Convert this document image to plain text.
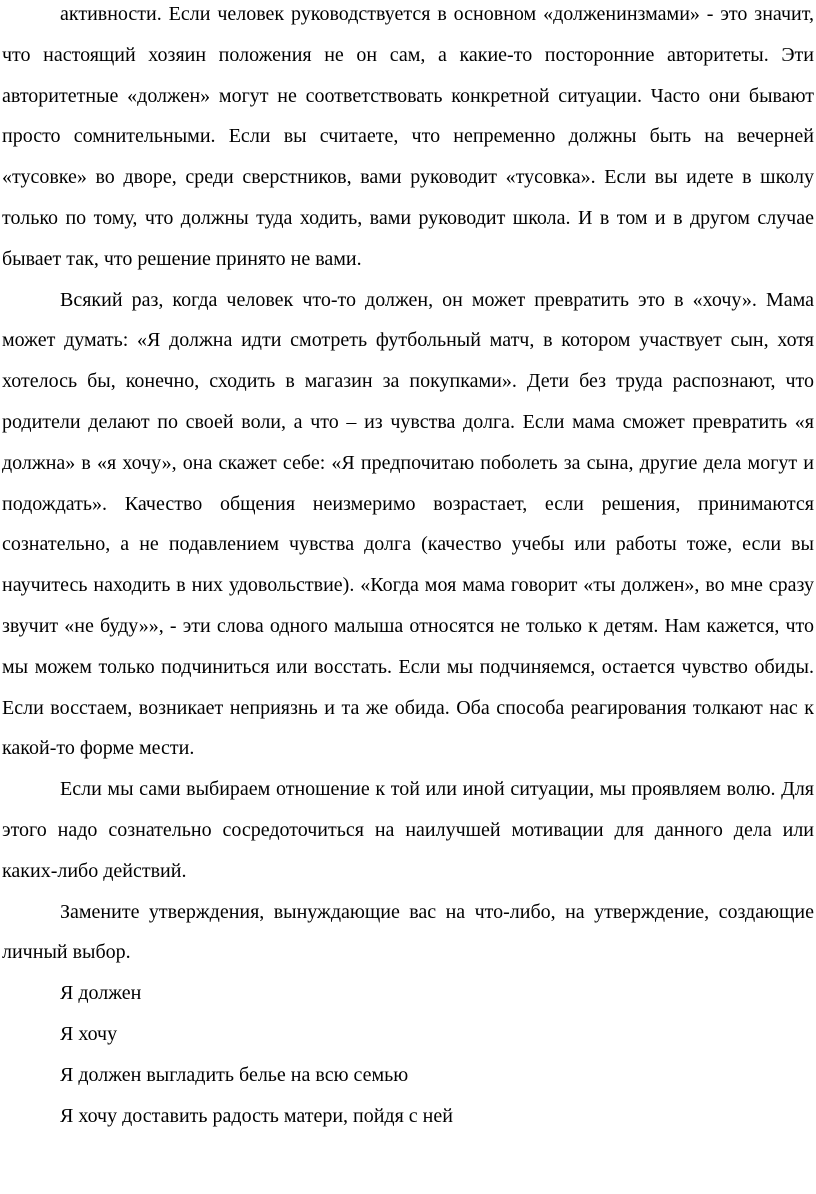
активности. Если человек руководствуется в основном «долженинзмами» - это значит, что настоящий хозяин положения не он сам, а какие-то посторонние авторитеты. Эти авторитетные «должен» могут не соответствовать конкретной ситуации. Часто они бывают просто сомнительными. Если вы считаете, что непременно должны быть на вечерней «тусовке» во дворе, среди сверстников, вами руководит «тусовка». Если вы идете в школу только по тому, что должны туда ходить, вами руководит школа. И в том и в другом случае бывает так, что решение принято не вами.

Всякий раз, когда человек что-то должен, он может превратить это в «хочу». Мама может думать: «Я должна идти смотреть футбольный матч, в котором участвует сын, хотя хотелось бы, конечно, сходить в магазин за покупками». Дети без труда распознают, что родители делают по своей воли, а что – из чувства долга. Если мама сможет превратить «я должна» в «я хочу», она скажет себе: «Я предпочитаю поболеть за сына, другие дела могут и подождать». Качество общения неизмеримо возрастает, если решения, принимаются сознательно, а не подавлением чувства долга (качество учебы или работы тоже, если вы научитесь находить в них удовольствие). «Когда моя мама говорит «ты должен», во мне сразу звучит «не буду»», - эти слова одного малыша относятся не только к детям. Нам кажется, что мы можем только подчиниться или восстать. Если мы подчиняемся, остается чувство обиды. Если восстаем, возникает неприязнь и та же обида. Оба способа реагирования толкают нас к какой-то форме мести.

Если мы сами выбираем отношение к той или иной ситуации, мы проявляем волю. Для этого надо сознательно сосредоточиться на наилучшей мотивации для данного дела или каких-либо действий.

Замените утверждения, вынуждающие вас на что-либо, на утверждение, создающие личный выбор.

Я должен

Я хочу

Я должен выгладить белье на всю семью

Я хочу доставить радость матери, пойдя с ней
